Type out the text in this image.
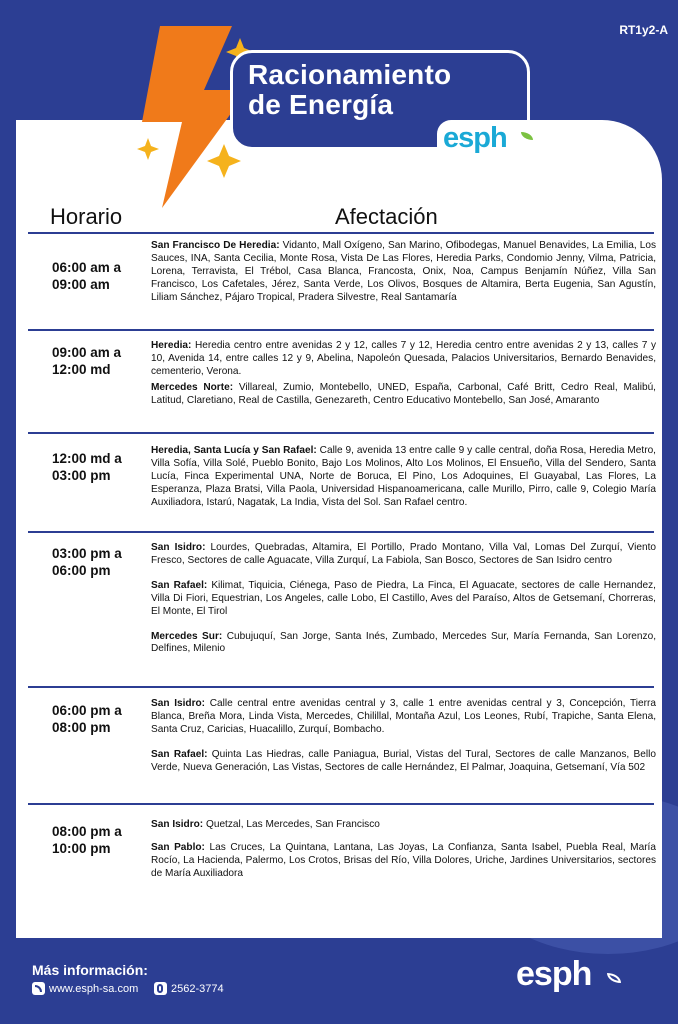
RT1y2-A
Racionamiento
de Energía
esph
Horario	Afectación
06:00 am a
09:00 am

San Francisco De Heredia: Vidanto, Mall Oxígeno, San Marino, Ofibodegas, Manuel Benavides, La Emilia, Los Sauces, INA, Santa Cecilia, Monte Rosa, Vista De Las Flores, Heredia Parks, Condomio Jenny, Vilma, Patricia, Lorena, Terravista, El Trébol, Casa Blanca, Francosta, Onix, Noa, Campus Benjamín Núñez, Villa San Francisco, Los Cafetales, Jérez, Santa Verde, Los Olivos, Bosques de Altamira, Berta Eugenia, San Agustín, Liliam Sánchez, Pájaro Tropical, Pradera Silvestre, Real Santamaría

09:00 am a
12:00 md

Heredia: Heredia centro entre avenidas 2 y 12, calles 7 y 12, Heredia centro entre avenidas 2 y 13, calles 7 y 10, Avenida 14, entre calles 12 y 9, Abelina, Napoleón Quesada, Palacios Universitarios, Bernardo Benavides, cementerio, Verona.

Mercedes Norte: Villareal, Zumio, Montebello, UNED, España, Carbonal, Café Britt, Cedro Real, Malibú, Latitud, Claretiano, Real de Castilla, Genezareth, Centro Educativo Montebello, San José, Amaranto

12:00 md a
03:00 pm

Heredia, Santa Lucía y San Rafael: Calle 9, avenida 13 entre calle 9 y calle central, doña Rosa, Heredia Metro, Villa Sofía, Villa Solé, Pueblo Bonito, Bajo Los Molinos, Alto Los Molinos, El Ensueño, Villa del Sendero, Santa Lucía, Finca Experimental UNA, Norte de Boruca, El Pino, Los Adoquines, El Guayabal, Las Flores, La Esperanza, Plaza Bratsi, Villa Paola, Universidad Hispanoamericana, calle Murillo, Pirro, calle 9, Colegio María Auxiliadora, Istarú, Nagatak, La India, Vista del Sol. San Rafael centro.

03:00 pm a
06:00 pm

San Isidro: Lourdes, Quebradas, Altamira, El Portillo, Prado Montano, Villa Val, Lomas Del Zurquí, Viento Fresco, Sectores de calle Aguacate, Villa Zurquí, La Fabiola, San Bosco, Sectores de San Isidro centro

San Rafael: Kilimat, Tiquicia, Ciénega, Paso de Piedra, La Finca, El Aguacate, sectores de calle Hernandez, Villa Di Fiori, Equestrian, Los Angeles, calle Lobo, El Castillo, Aves del Paraíso, Altos de Getsemaní, Chorreras, El Monte, El Tirol

Mercedes Sur: Cubujuquí, San Jorge, Santa Inés, Zumbado, Mercedes Sur, María Fernanda, San Lorenzo, Delfines, Milenio

06:00 pm a
08:00 pm

San Isidro: Calle central entre avenidas central y 3, calle 1 entre avenidas central y 3, Concepción, Tierra Blanca, Breña Mora, Linda Vista, Mercedes, Chilillal, Montaña Azul, Los Leones, Rubí, Trapiche, Santa Elena, Santa Cruz, Caricias, Huacalillo, Zurquí, Bombacho.

San Rafael: Quinta Las Hiedras, calle Paniagua, Burial, Vistas del Tural, Sectores de calle Manzanos, Bello Verde, Nueva Generación, Las Vistas, Sectores de calle Hernández, El Palmar, Joaquina, Getsemaní, Vía 502

08:00 pm a
10:00 pm

San Isidro: Quetzal, Las Mercedes, San Francisco

San Pablo: Las Cruces, La Quintana, Lantana, Las Joyas, La Confianza, Santa Isabel, Puebla Real, María Rocío, La Hacienda, Palermo, Los Crotos, Brisas del Río, Villa Dolores, Uriche, Jardines Universitarios, sectores de María Auxiliadora

Más información:
www.esph-sa.com	2562-3774	esph
